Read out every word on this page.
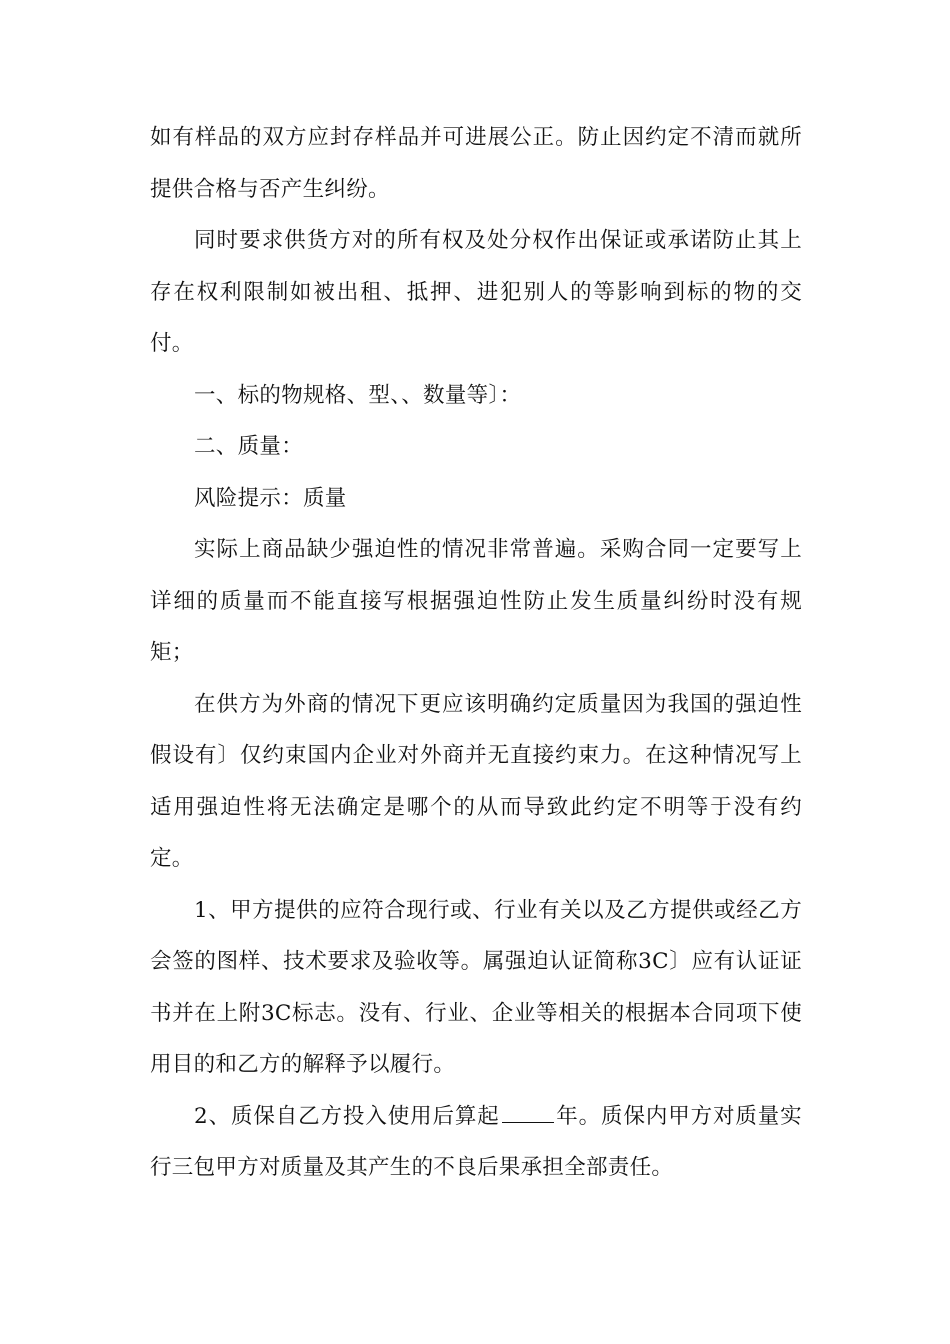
如有样品的双方应封存样品并可进展公正。防止因约定不清而就所提供合格与否产生纠纷。

同时要求供货方对的所有权及处分权作出保证或承诺防止其上存在权利限制如被出租、抵押、进犯别人的等影响到标的物的交付。

一、标的物规格、型、、数量等〕：

二、质量：

风险提示：质量

实际上商品缺少强迫性的情况非常普遍。采购合同一定要写上详细的质量而不能直接写根据强迫性防止发生质量纠纷时没有规矩；

在供方为外商的情况下更应该明确约定质量因为我国的强迫性假设有〕仅约束国内企业对外商并无直接约束力。在这种情况写上适用强迫性将无法确定是哪个的从而导致此约定不明等于没有约定。

1、甲方提供的应符合现行或、行业有关以及乙方提供或经乙方会签的图样、技术要求及验收等。属强迫认证简称3C〕应有认证证书并在上附3C标志。没有、行业、企业等相关的根据本合同项下使用目的和乙方的解释予以履行。

2、质保自乙方投入使用后算起	年。质保内甲方对质量实行三包甲方对质量及其产生的不良后果承担全部责任。
